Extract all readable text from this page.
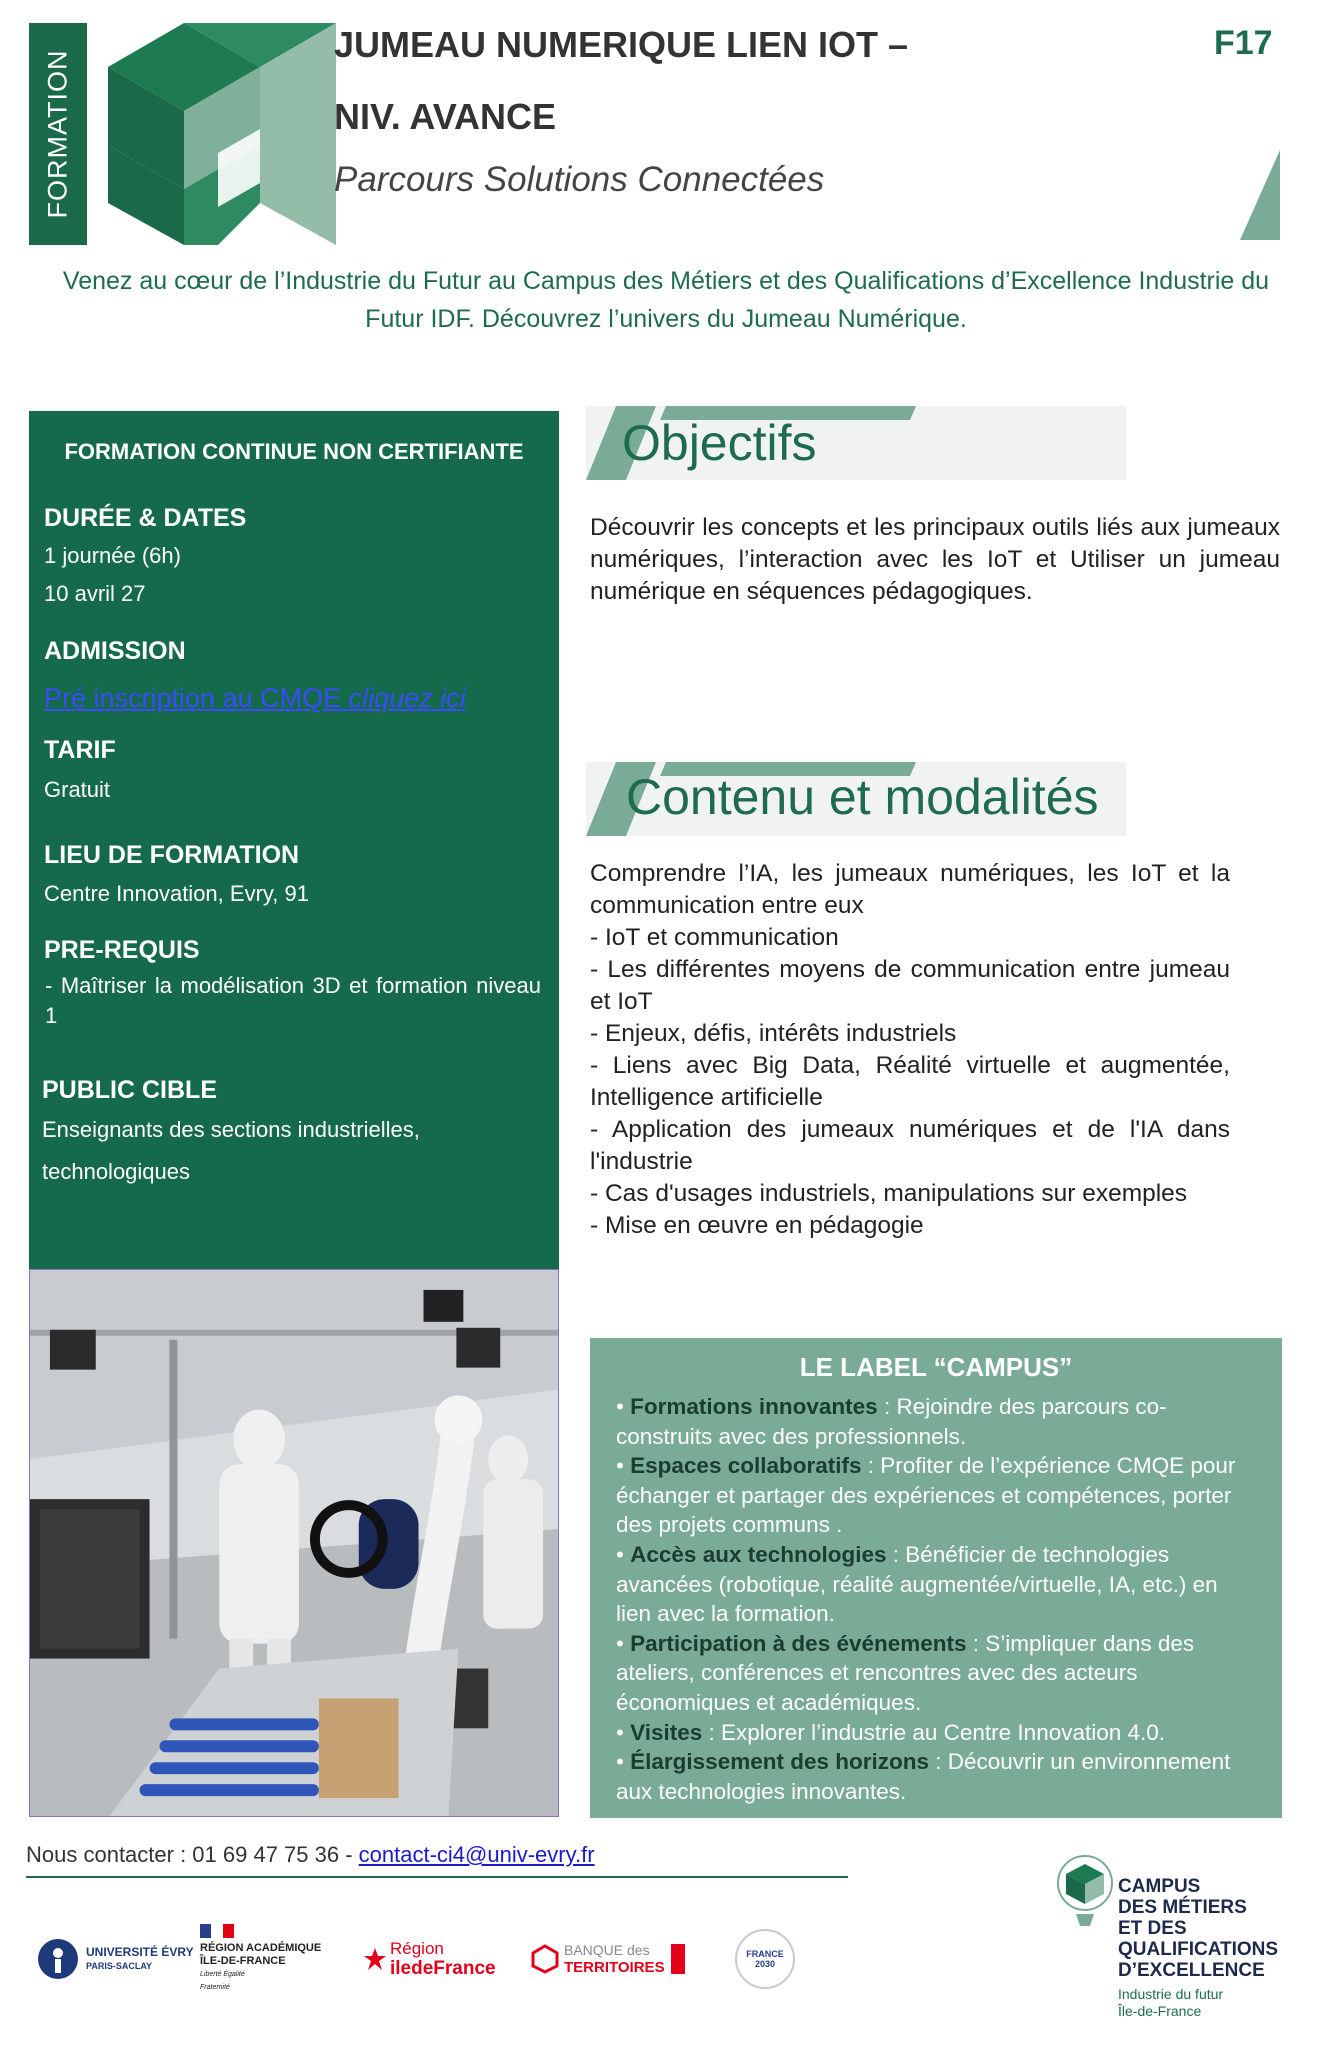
FORMATION
JUMEAU NUMERIQUE LIEN IOT –
NIV. AVANCE
Parcours Solutions Connectées
F17
Venez au cœur de l’Industrie du Futur au Campus des Métiers et des Qualifications d’Excellence Industrie du Futur IDF. Découvrez l’univers du Jumeau Numérique.
FORMATION CONTINUE NON CERTIFIANTE
DURÉE & DATES
1 journée (6h)
10 avril 27
ADMISSION
Pré inscription au CMQE cliquez ici
TARIF
Gratuit
LIEU DE FORMATION
Centre Innovation, Evry, 91
PRE-REQUIS
- Maîtriser la modélisation 3D et formation niveau 1
PUBLIC CIBLE
Enseignants des sections industrielles, technologiques
Objectifs
Découvrir les concepts et les principaux outils liés aux jumeaux numériques, l’interaction avec les IoT et Utiliser un jumeau numérique en séquences pédagogiques.
Contenu et modalités
Comprendre l’IA, les jumeaux numériques, les IoT et la communication entre eux
- IoT et communication
- Les différentes moyens de communication entre jumeau et IoT
- Enjeux, défis, intérêts industriels
- Liens avec Big Data, Réalité virtuelle et augmentée, Intelligence artificielle
- Application des jumeaux numériques et de l'IA dans l'industrie
- Cas d'usages industriels, manipulations sur exemples
- Mise en œuvre en pédagogie
LE LABEL “CAMPUS”
• Formations innovantes : Rejoindre des parcours co-construits avec des professionnels.
• Espaces collaboratifs : Profiter de l’expérience CMQE pour échanger et partager des expériences et compétences, porter des projets communs .
• Accès aux technologies : Bénéficier de technologies avancées (robotique, réalité augmentée/virtuelle, IA, etc.) en lien avec la formation.
• Participation à des événements : S’impliquer dans des ateliers, conférences et rencontres avec des acteurs économiques et académiques.
• Visites : Explorer l’industrie au Centre Innovation 4.0.
• Élargissement des horizons : Découvrir un environnement aux technologies innovantes.
Nous contacter : 01 69 47 75 36 - contact-ci4@univ-evry.fr
UNIVERSITÉ ÉVRY
PARIS-SACLAY
RÉGION ACADÉMIQUE
ÎLE-DE-FRANCE
Liberté Égalité Fraternité
Région
iledeFrance
BANQUE des
TERRITOIRES
FRANCE 2030
CAMPUS
DES MÉTIERS
ET DES
QUALIFICATIONS
D’EXCELLENCE
Industrie du futur
Île-de-France
